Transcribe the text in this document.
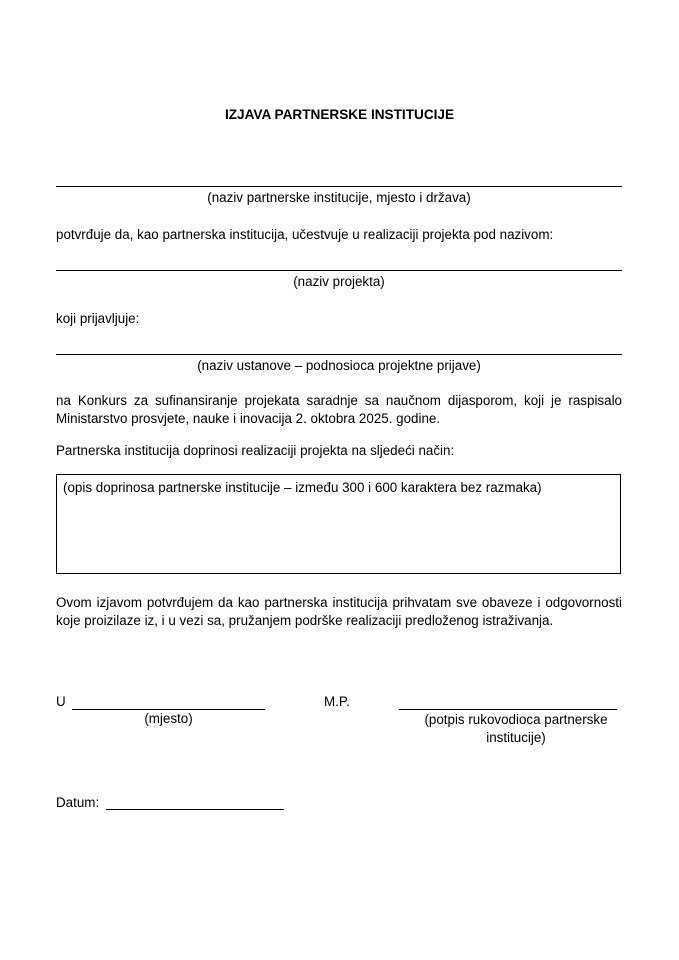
IZJAVA PARTNERSKE INSTITUCIJE
(naziv partnerske institucije, mjesto i država)
potvrđuje da, kao partnerska institucija, učestvuje u realizaciji projekta pod nazivom:
(naziv projekta)
koji prijavljuje:
(naziv ustanove – podnosioca projektne prijave)
na Konkurs za sufinansiranje projekata saradnje sa naučnom dijasporom, koji je raspisalo Ministarstvo prosvjete, nauke i inovacija 2. oktobra 2025. godine.
Partnerska institucija doprinosi realizaciji projekta na sljedeći način:
(opis doprinosa partnerske institucije – između 300 i 600 karaktera bez razmaka)
Ovom izjavom potvrđujem da kao partnerska institucija prihvatam sve obaveze i odgovornosti koje proizilaze iz, i u vezi sa, pružanjem podrške realizaciji predloženog istraživanja.
U
(mjesto)
M.P.
(potpis rukovodioca partnerske institucije)
Datum:
